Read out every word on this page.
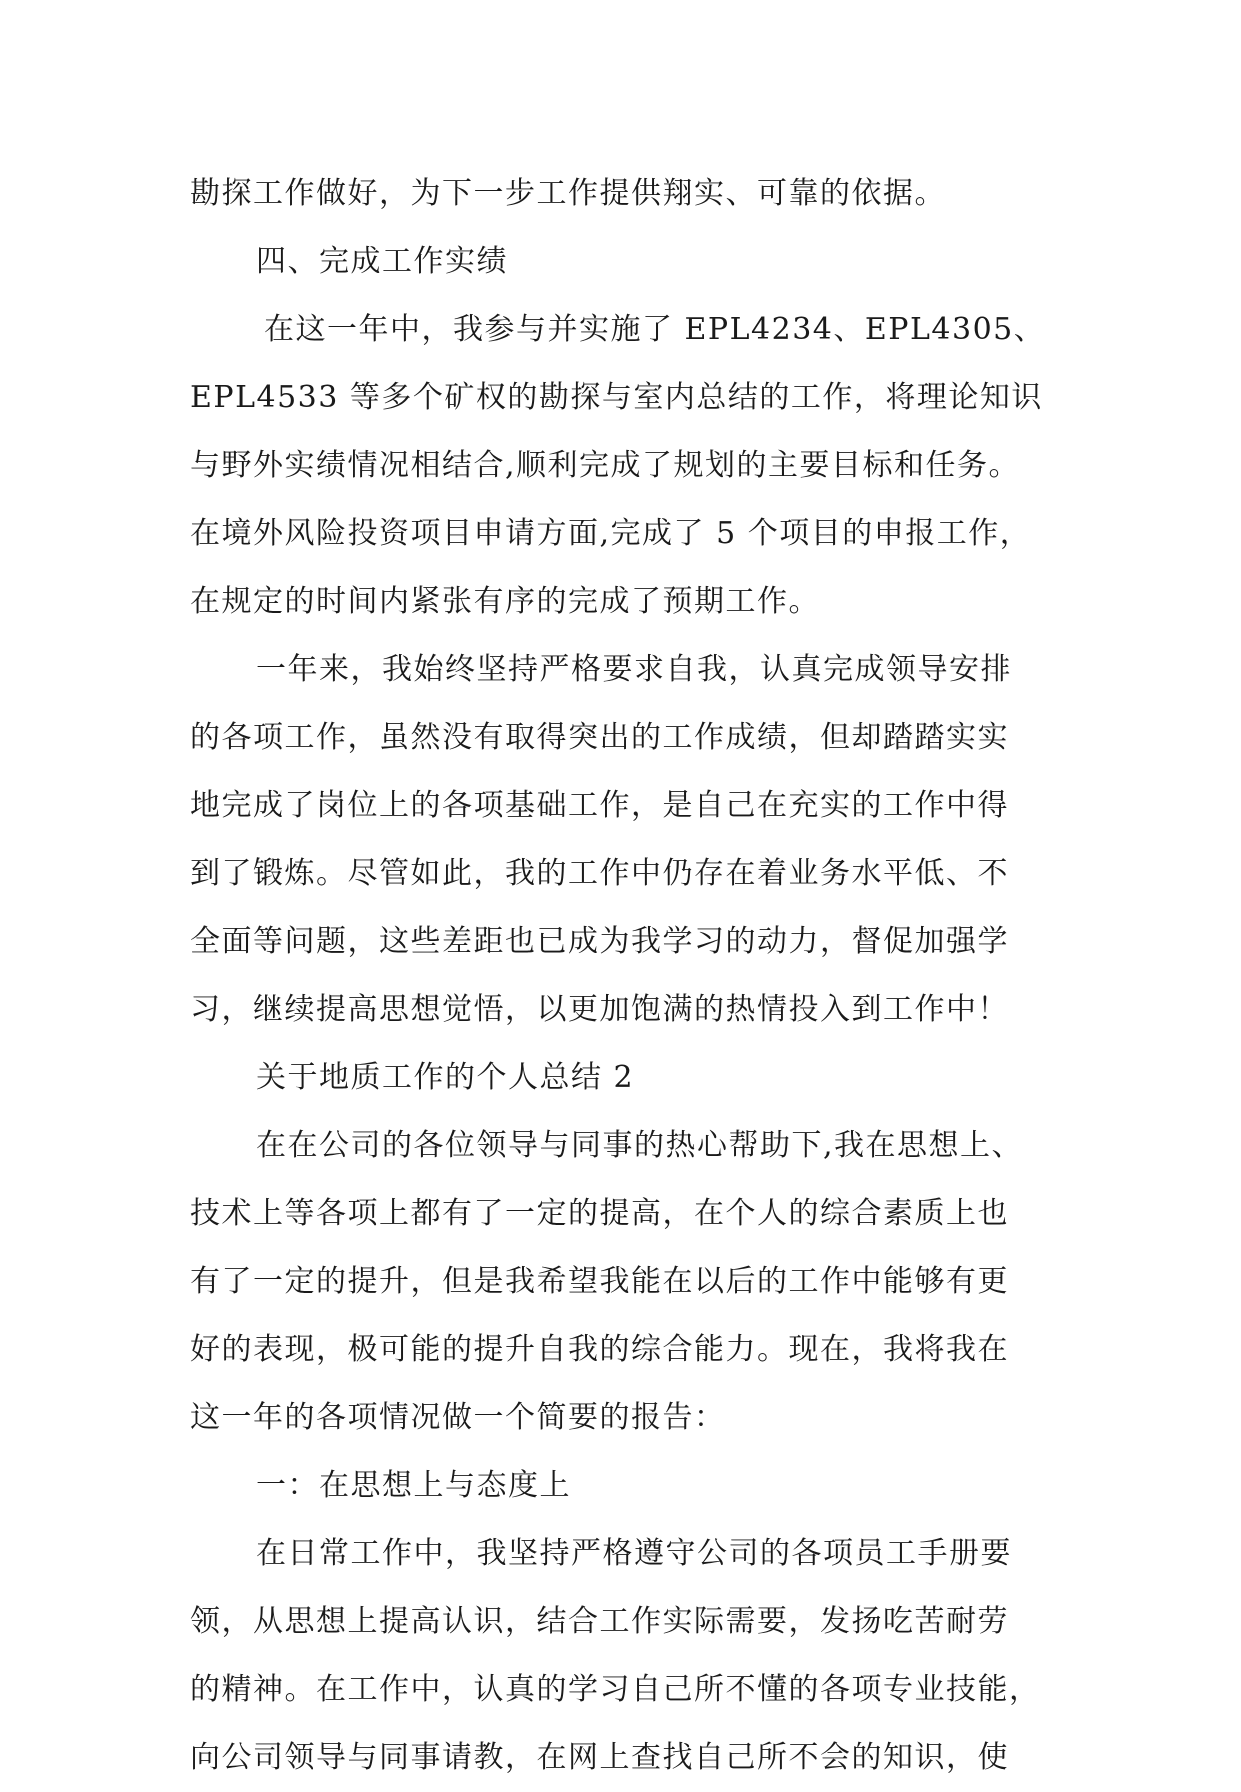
勘探工作做好，为下一步工作提供翔实、可靠的依据。
四、完成工作实绩
在这一年中，我参与并实施了 EPL4234、EPL4305、
EPL4533 等多个矿权的勘探与室内总结的工作，将理论知识
与野外实绩情况相结合,顺利完成了规划的主要目标和任务。
在境外风险投资项目申请方面,完成了 5 个项目的申报工作，
在规定的时间内紧张有序的完成了预期工作。
一年来，我始终坚持严格要求自我，认真完成领导安排
的各项工作，虽然没有取得突出的工作成绩，但却踏踏实实
地完成了岗位上的各项基础工作，是自己在充实的工作中得
到了锻炼。尽管如此，我的工作中仍存在着业务水平低、不
全面等问题，这些差距也已成为我学习的动力，督促加强学
习，继续提高思想觉悟，以更加饱满的热情投入到工作中！
关于地质工作的个人总结 2
在在公司的各位领导与同事的热心帮助下,我在思想上、
技术上等各项上都有了一定的提高，在个人的综合素质上也
有了一定的提升，但是我希望我能在以后的工作中能够有更
好的表现，极可能的提升自我的综合能力。现在，我将我在
这一年的各项情况做一个简要的报告：
一：在思想上与态度上
在日常工作中，我坚持严格遵守公司的各项员工手册要
领，从思想上提高认识，结合工作实际需要，发扬吃苦耐劳
的精神。在工作中，认真的学习自己所不懂的各项专业技能，
向公司领导与同事请教，在网上查找自己所不会的知识，使
